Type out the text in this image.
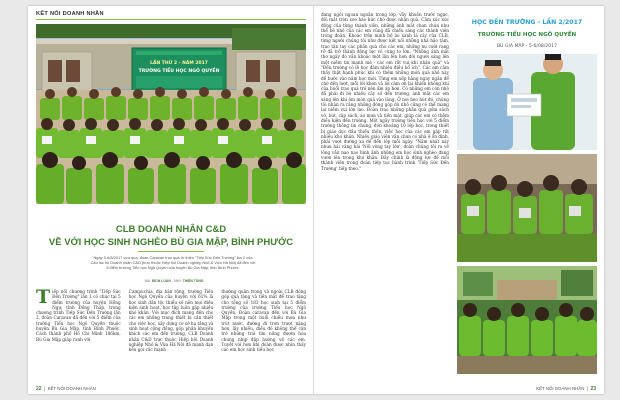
KẾT NỐI DOANH NHÂN
LẦN THỨ 2 - NĂM 2017
TRƯỜNG TIỂU HỌC NGÔ QUYỀN
CLB DOANH NHÂN C&D
VỀ VỚI HỌC SINH NGHÈO BÙ GIA MẬP, BÌNH PHƯỚC
Ngày 5-6/8/2017 vừa qua, đoàn Caravan trao quà từ thiện "Tiếp Sức Đến Trường" lần 2 của Câu lạc bộ Doanh nhân C&D (trực thuộc Hiệp hội Doanh nghiệp Nhỏ & Vừa Hà Nội) đã đến với 5 điểm trường Tiểu học Ngô Quyền của huyện Bù Gia Mập, tỉnh Bình Phước.
BÀI: BÍCH LOAN ẢNH: THIỆN TÙNG
Tiếp nối chương trình "Tiếp Sức Đến Trường" lần 1 có chúc tại 5 điểm trường của huyện Hồng Ngự, tỉnh Đồng Tháp, trong chương trình Tiếp Sức Đến Trường lần 2, đoàn Caravan đã đến với 5 điểm của trường Tiểu học Ngô Quyền thuộc huyện Bù Gia Mập, tỉnh Bình Phước. Cách thành phố Hồ Chí Minh 186km, Bù Gia Mập giáp ranh với
Campuchia, địa bàn rộng, trường Tiểu học Ngô Quyền của huyện với 61% là học sinh dân tộc thiểu số nên mọi điều kiện sinh hoạt, học tập luôn gặp nhiều khó khăn. Với mục đích mang đến cho các em những trang thiết bị cần thiết cho việc học, xây dựng cơ sở hạ tầng và sinh hoạt cộng đồng, góp phần khuyến khích các em đến trường, CLB Doanh nhân C&D trực thuộc Hiệp hội Doanh nghiệp Nhỏ & Vừa Hà Nội đã mạnh dạn kêu gọi các mạnh
thường quân trong và ngoài CLB đóng góp quà tặng và tiền mặt để trao tặng cho tổng số 183 học sinh tại 5 điểm trường của trường Tiểu học Ngô Quyền. Đoàn caravan đến với Bù Gia Mập trong một buổi chiều mưa như trút nước, đường đi trơn trượt nặng hơn, lầy nhiều, điều đó không thể cản trở những trái tim nồng đượm hòa chung nhịp đập hướng về các em. Tuyệt vời hơn khi đoàn được nhìn thấy các em học sinh tiểu học
22  |  KẾT NỐI DOANH NHÂN
đang ngồi ngoan ngoãn trong lớp, vẫy khuôn trước ngực, đôi mắt tròn xoe háo hức chờ được nhận quà. Cảm xúc xúc động của từng thành viên, những ánh mắt chan chứa như thể bé nhỏ của các em cũng đã chiếu sáng các thành viên trong đoàn. Khoác trên mình bộ áo xanh lá cây của CLB, từng người chúng tôi như được kết nối những nhà hảo tâm, trao tận tay các phần quà cho các em, những nụ cười rạng rỡ đã trở thành động lực vô cùng to lớn. "Những ánh mắt thơ ngây đó vẫn khoác một lần lên hơn đời người sáng lên một niềm tin mạnh mẽ - các em rất vui khi nhận quà" và "Đến trường có lẽ học đàm nhiều điều bổ ích". Các em cảm thấy thật hạnh phúc khi có thêm những món quà nhỏ này để bước vào năm học mới. Từng em xếp hàng ngay ngắn để chờ đến lượt, mỗi lời khen và lời cảm ơn lại khiến không khí của buổi trao quà trở nên ấm áp hơn. Có những em còn nhỏ đã phải đi bộ nhiều cây số đến trường, ánh mắt các em sáng lên khi ôm món quà vào lòng. Ở nơi heo hút đó, chúng tôi nhận ra rằng những đóng góp dù nhỏ cũng có thể mang lại niềm vui lớn lao. Đoàn trao những phần quà gồm sách vở, bút, cặp sách, áo mưa và tiền mặt, giúp các em có thêm điều kiện đến trường. Một ngày trường tiểu học với 5 điểm trường thông tin chung, đón khoảng 10 lớp học, trong thiết bị giáo dục đầu thiếu thốn, việc học của các em gặp rất nhiều khó khăn. Nhiều giáo viên vẫn chưa có nhà ở ổn định, phải vượt đường xa để đến lớp mỗi ngày. "Năm nhất này nhưa hái vàng hái 'Nối vòng tay lớn', đoàn chúng tôi ra về lòng vẫn nao nao hình ảnh những em học sinh nghèo đang vươn lên trong khó khăn. Đây chính là động lực để mỗi thành viên trong đoàn tiếp tục hành trình 'Tiếp Sức Đến Trường' tiếp theo."
HỌC ĐẾN TRƯỜNG - LẦN 2/2017
TRƯỜNG TIỂU HỌC NGÔ QUYỀN
BÙ GIA MẬP - 5-6/08/2017
KẾT NỐI DOANH NHÂN  |  23
